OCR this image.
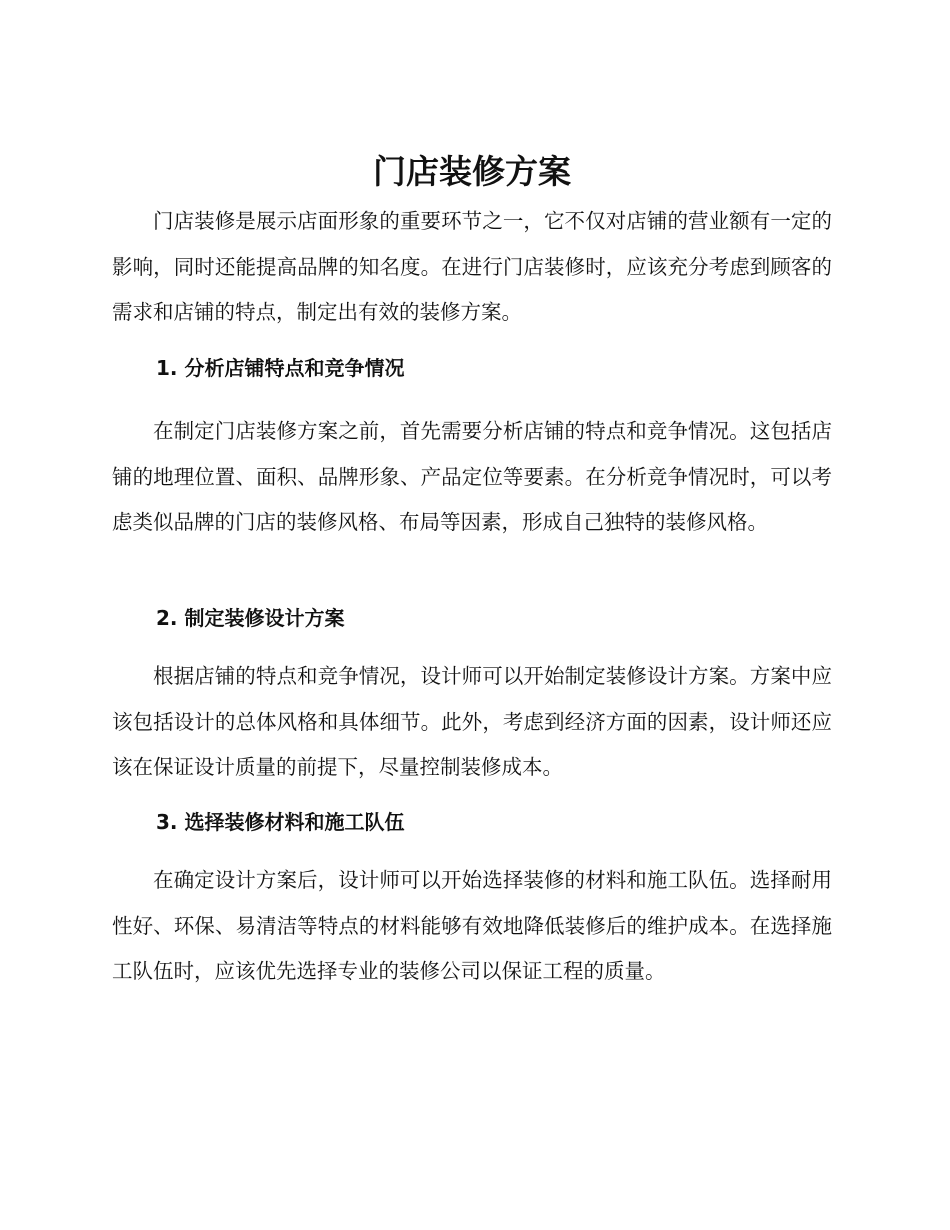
门店装修方案

门店装修是展示店面形象的重要环节之一，它不仅对店铺的营业额有一定的影响，同时还能提高品牌的知名度。在进行门店装修时，应该充分考虑到顾客的需求和店铺的特点，制定出有效的装修方案。

1. 分析店铺特点和竞争情况

在制定门店装修方案之前，首先需要分析店铺的特点和竞争情况。这包括店铺的地理位置、面积、品牌形象、产品定位等要素。在分析竞争情况时，可以考虑类似品牌的门店的装修风格、布局等因素，形成自己独特的装修风格。

2. 制定装修设计方案

根据店铺的特点和竞争情况，设计师可以开始制定装修设计方案。方案中应该包括设计的总体风格和具体细节。此外，考虑到经济方面的因素，设计师还应该在保证设计质量的前提下，尽量控制装修成本。

3. 选择装修材料和施工队伍

在确定设计方案后，设计师可以开始选择装修的材料和施工队伍。选择耐用性好、环保、易清洁等特点的材料能够有效地降低装修后的维护成本。在选择施工队伍时，应该优先选择专业的装修公司以保证工程的质量。
